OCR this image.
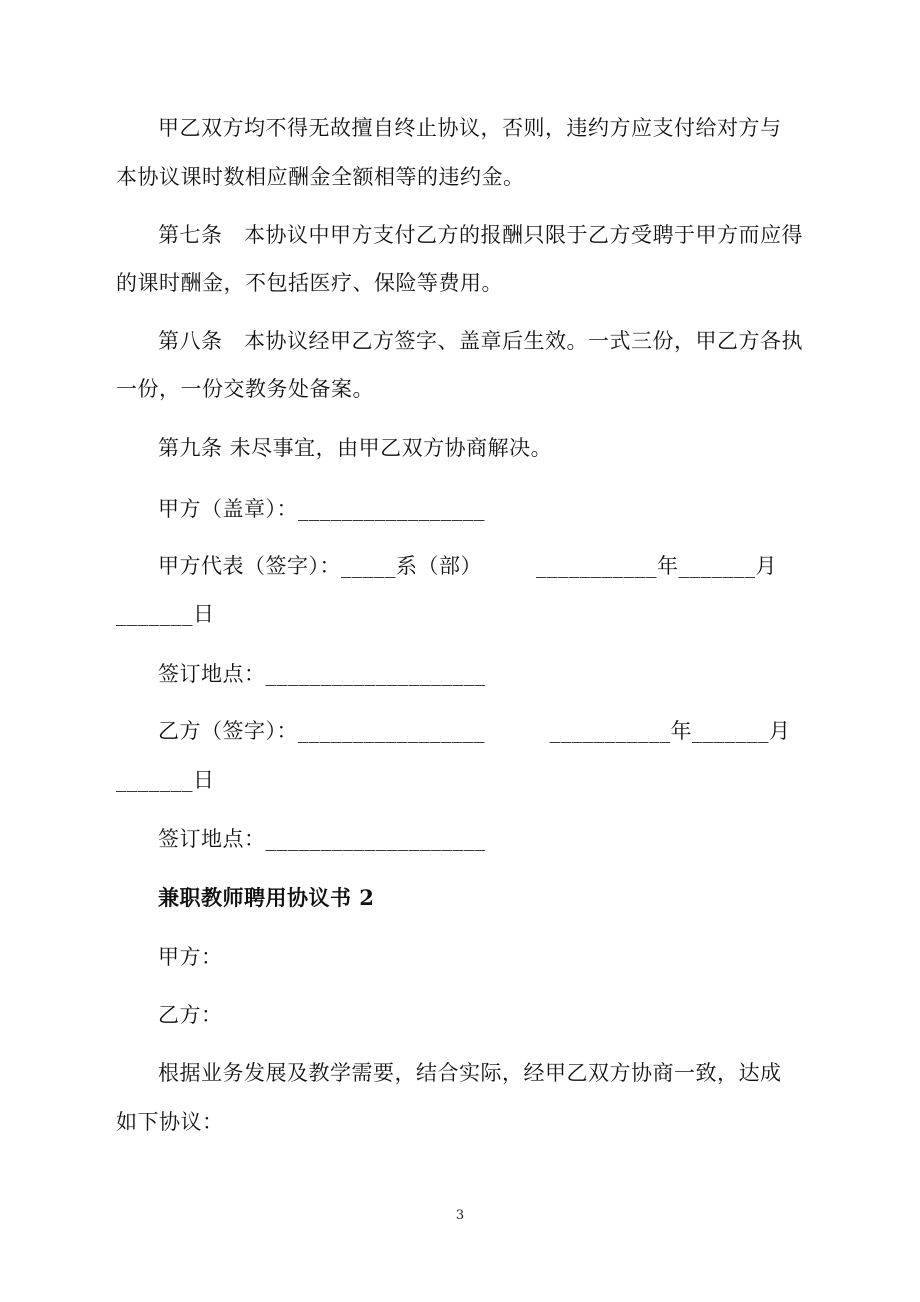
甲乙双方均不得无故擅自终止协议，否则，违约方应支付给对方与
本协议课时数相应酬金全额相等的违约金。
第七条　本协议中甲方支付乙方的报酬只限于乙方受聘于甲方而应得
的课时酬金，不包括医疗、保险等费用。
第八条　本协议经甲乙方签字、盖章后生效。一式三份，甲乙方各执
一份，一份交教务处备案。
第九条 未尽事宜，由甲乙双方协商解决。
甲方（盖章）：_________________
甲方代表（签字）：_____系（部）　　　___________年_______月
_______日
签订地点：____________________
乙方（签字）：_________________　　　___________年_______月
_______日
签订地点：____________________
兼职教师聘用协议书 2
甲方：
乙方：
根据业务发展及教学需要，结合实际，经甲乙双方协商一致，达成
如下协议：
3
